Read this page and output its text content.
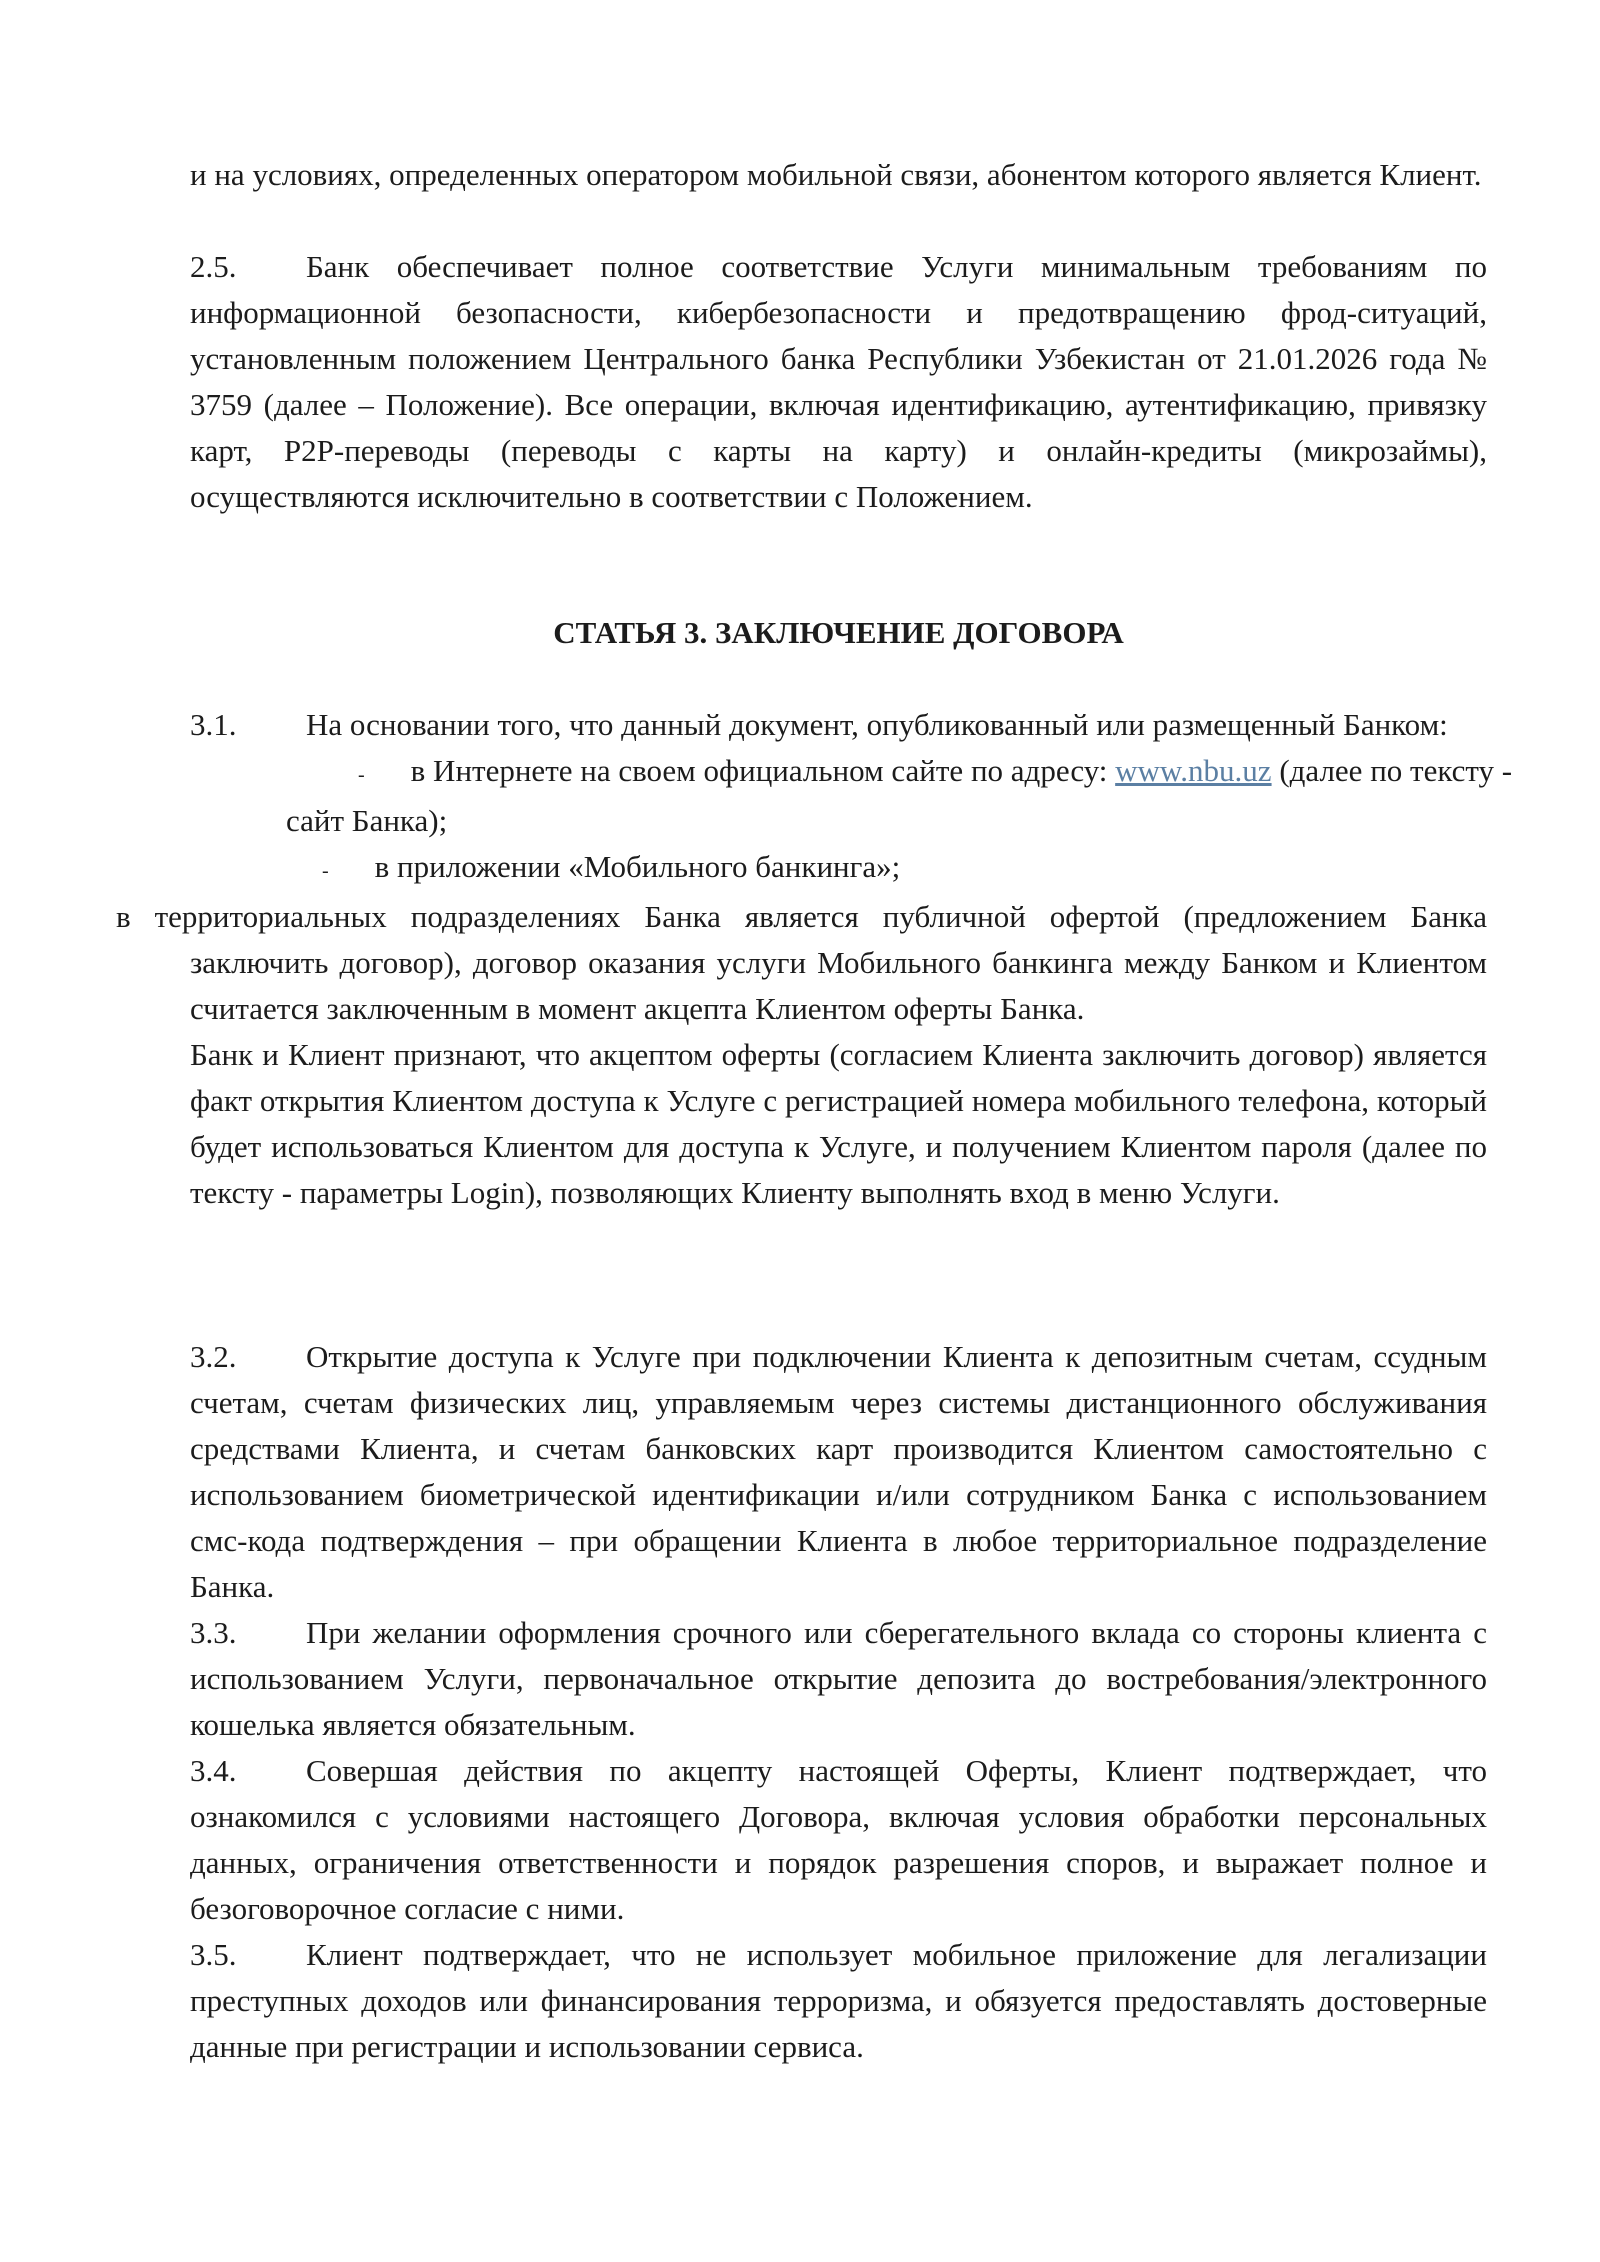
и на условиях, определенных оператором мобильной связи, абонентом которого является Клиент.

2.5. Банк обеспечивает полное соответствие Услуги минимальным требованиям по информационной безопасности, кибербезопасности и предотвращению фрод-ситуаций, установленным положением Центрального банка Республики Узбекистан от 21.01.2026 года № 3759 (далее – Положение). Все операции, включая идентификацию, аутентификацию, привязку карт, P2P-переводы (переводы с карты на карту) и онлайн-кредиты (микрозаймы), осуществляются исключительно в соответствии с Положением.

СТАТЬЯ 3. ЗАКЛЮЧЕНИЕ ДОГОВОРА

3.1. На основании того, что данный документ, опубликованный или размещенный Банком:

- в Интернете на своем официальном сайте по адресу: www.nbu.uz (далее по тексту - сайт Банка);

- в приложении «Мобильного банкинга»;

в территориальных подразделениях Банка является публичной офертой (предложением Банка заключить договор), договор оказания услуги Мобильного банкинга между Банком и Клиентом считается заключенным в момент акцепта Клиентом оферты Банка.

Банк и Клиент признают, что акцептом оферты (согласием Клиента заключить договор) является факт открытия Клиентом доступа к Услуге с регистрацией номера мобильного телефона, который будет использоваться Клиентом для доступа к Услуге, и получением Клиентом пароля (далее по тексту - параметры Login), позволяющих Клиенту выполнять вход в меню Услуги.

3.2. Открытие доступа к Услуге при подключении Клиента к депозитным счетам, ссудным счетам, счетам физических лиц, управляемым через системы дистанционного обслуживания средствами Клиента, и счетам банковских карт производится Клиентом самостоятельно с использованием биометрической идентификации и/или сотрудником Банка с использованием смс-кода подтверждения – при обращении Клиента в любое территориальное подразделение Банка.

3.3. При желании оформления срочного или сберегательного вклада со стороны клиента с использованием Услуги, первоначальное открытие депозита до востребования/электронного кошелька является обязательным.

3.4. Совершая действия по акцепту настоящей Оферты, Клиент подтверждает, что ознакомился с условиями настоящего Договора, включая условия обработки персональных данных, ограничения ответственности и порядок разрешения споров, и выражает полное и безоговорочное согласие с ними.

3.5. Клиент подтверждает, что не использует мобильное приложение для легализации преступных доходов или финансирования терроризма, и обязуется предоставлять достоверные данные при регистрации и использовании сервиса.
